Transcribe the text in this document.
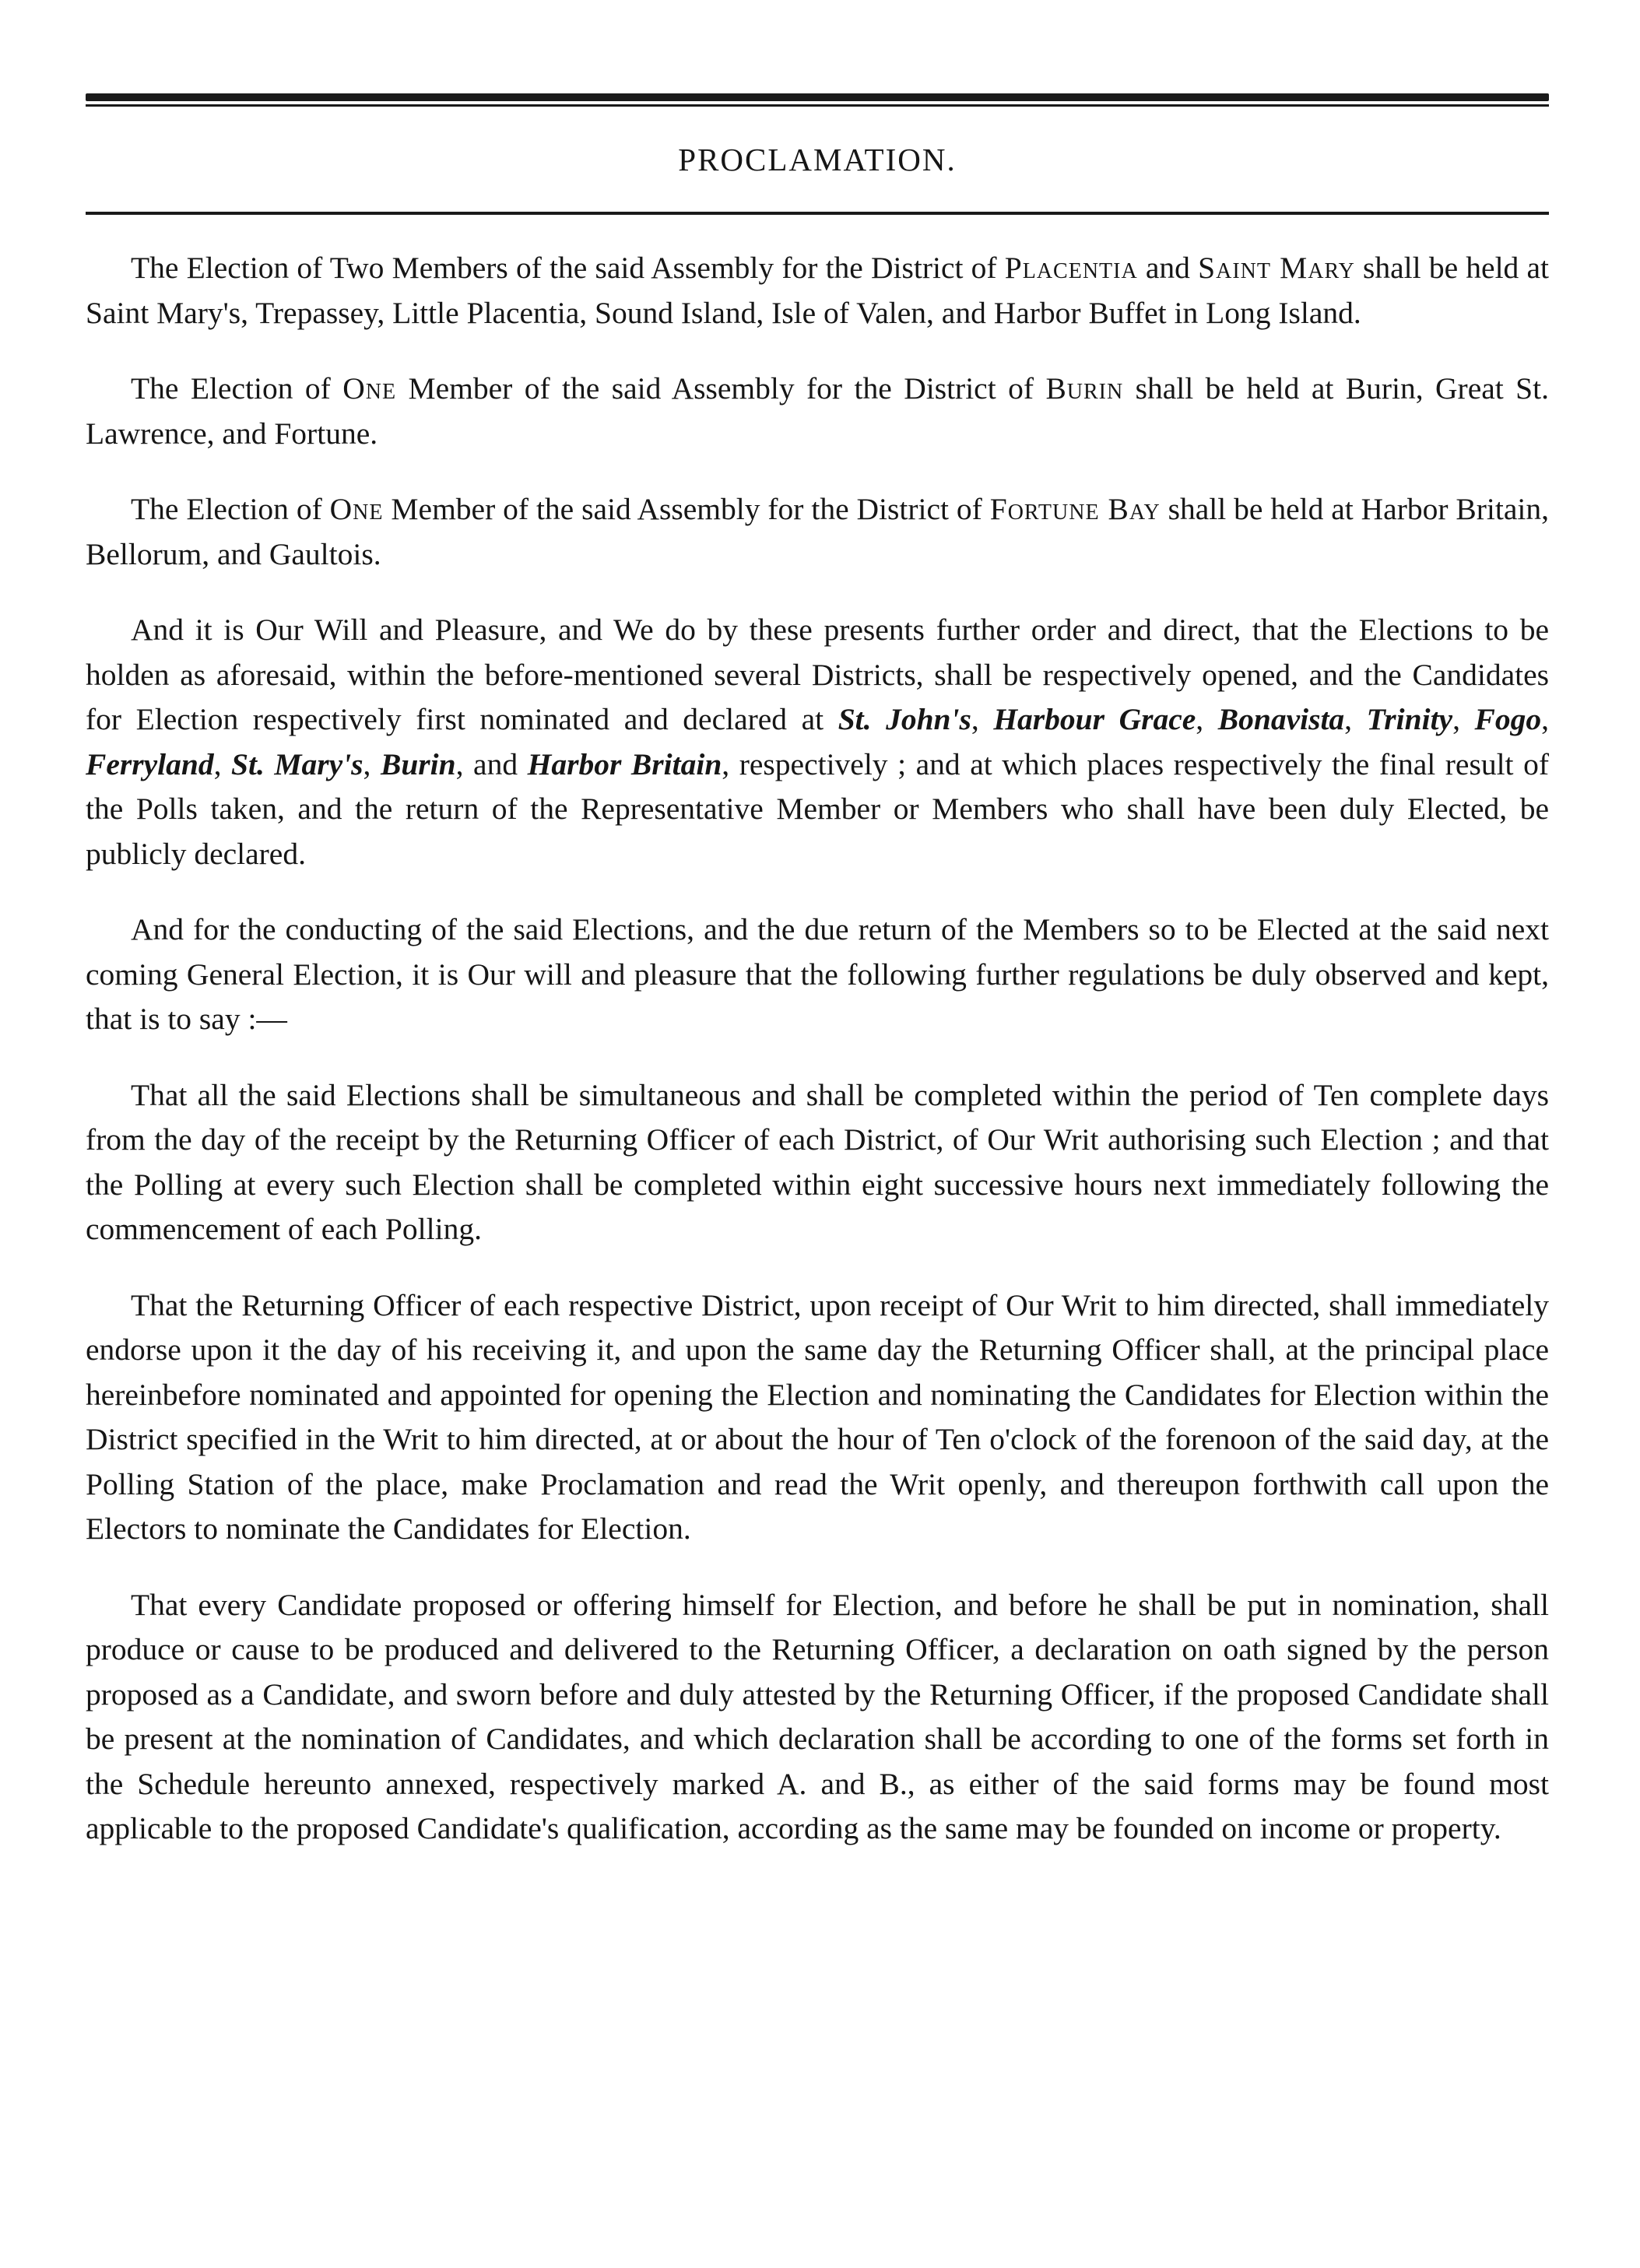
PROCLAMATION.

The Election of Two Members of the said Assembly for the District of Placentia and Saint Mary shall be held at Saint Mary's, Trepassey, Little Placentia, Sound Island, Isle of Valen, and Harbor Buffet in Long Island.

The Election of One Member of the said Assembly for the District of Burin shall be held at Burin, Great St. Lawrence, and Fortune.

The Election of One Member of the said Assembly for the District of Fortune Bay shall be held at Harbor Britain, Bellorum, and Gaultois.

And it is Our Will and Pleasure, and We do by these presents further order and direct, that the Elections to be holden as aforesaid, within the before-mentioned several Districts, shall be respectively opened, and the Candidates for Election respectively first nominated and declared at St. John's, Harbour Grace, Bonavista, Trinity, Fogo, Ferryland, St. Mary's, Burin, and Harbor Britain, respectively ; and at which places respectively the final result of the Polls taken, and the return of the Representative Member or Members who shall have been duly Elected, be publicly declared.

And for the conducting of the said Elections, and the due return of the Members so to be Elected at the said next coming General Election, it is Our will and pleasure that the following further regulations be duly observed and kept, that is to say :—

That all the said Elections shall be simultaneous and shall be completed within the period of Ten complete days from the day of the receipt by the Returning Officer of each District, of Our Writ authorising such Election ; and that the Polling at every such Election shall be completed within eight successive hours next immediately following the commencement of each Polling.

That the Returning Officer of each respective District, upon receipt of Our Writ to him directed, shall immediately endorse upon it the day of his receiving it, and upon the same day the Returning Officer shall, at the principal place hereinbefore nominated and appointed for opening the Election and nominating the Candidates for Election within the District specified in the Writ to him directed, at or about the hour of Ten o'clock of the forenoon of the said day, at the Polling Station of the place, make Proclamation and read the Writ openly, and thereupon forthwith call upon the Electors to nominate the Candidates for Election.

That every Candidate proposed or offering himself for Election, and before he shall be put in nomination, shall produce or cause to be produced and delivered to the Returning Officer, a declaration on oath signed by the person proposed as a Candidate, and sworn before and duly attested by the Returning Officer, if the proposed Candidate shall be present at the nomination of Candidates, and which declaration shall be according to one of the forms set forth in the Schedule hereunto annexed, respectively marked A. and B., as either of the said forms may be found most applicable to the proposed Candidate's qualification, according as the same may be founded on income or property.
